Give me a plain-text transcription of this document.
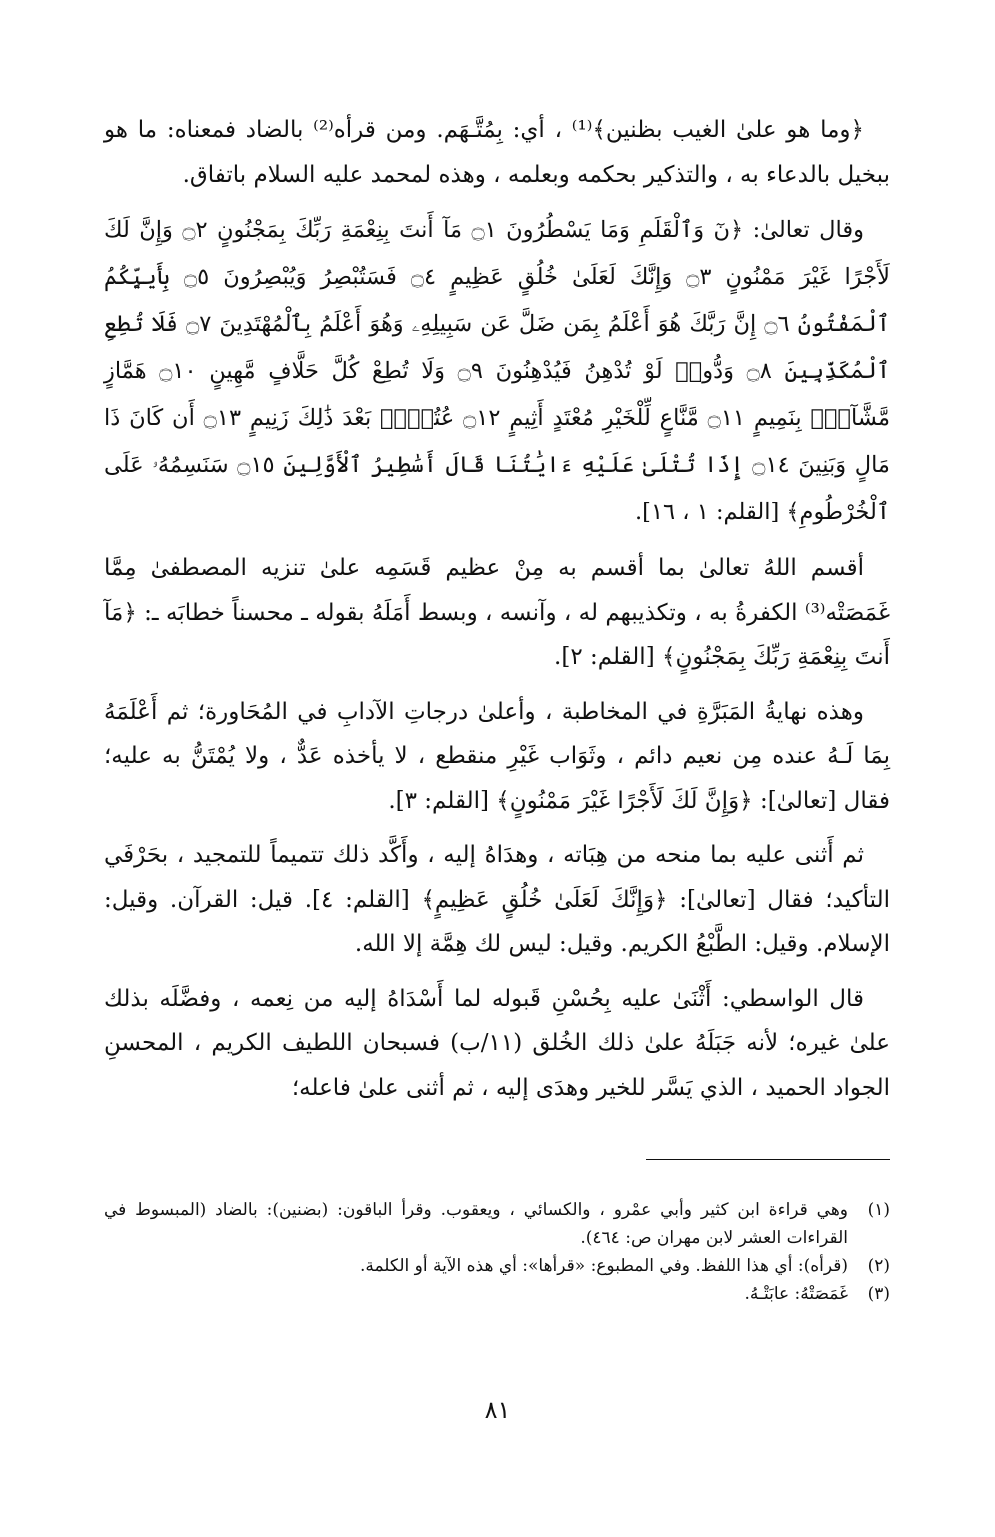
﴿وما هو علىٰ الغيب بظنين﴾⁽¹⁾ ، أي: بِمُتَّـهَم. ومن قرأه⁽²⁾ بالضاد فمعناه: ما هو ببخيل بالدعاء به ، والتذكير بحكمه وبعلمه ، وهذه لمحمد عليه السلام باتفاق.

وقال تعالىٰ: ﴿نٓ وَٱلْقَلَمِ وَمَا يَسْطُرُونَ ۝١ مَآ أَنتَ بِنِعْمَةِ رَبِّكَ بِمَجْنُونٍ ۝٢ وَإِنَّ لَكَ لَأَجْرًا غَيْرَ مَمْنُونٍ ۝٣ وَإِنَّكَ لَعَلَىٰ خُلُقٍ عَظِيمٍ ۝٤ فَسَتُبْصِرُ وَيُبْصِرُونَ ۝٥ بِأَييِّكُمُ ٱلْمَفْتُونُ ۝٦ إِنَّ رَبَّكَ هُوَ أَعْلَمُ بِمَن ضَلَّ عَن سَبِيلِهِۦ وَهُوَ أَعْلَمُ بِٱلْمُهْتَدِينَ ۝٧ فَلَا تُطِعِ ٱلْمُكَذِّبِينَ ۝٨ وَدُّوا۟ لَوْ تُدْهِنُ فَيُدْهِنُونَ ۝٩ وَلَا تُطِعْ كُلَّ حَلَّافٍ مَّهِينٍ ۝١٠ هَمَّازٍ مَّشَّآءٍۭ بِنَمِيمٍ ۝١١ مَّنَّاعٍ لِّلْخَيْرِ مُعْتَدٍ أَثِيمٍ ۝١٢ عُتُلٍّۭ بَعْدَ ذَٰلِكَ زَنِيمٍ ۝١٣ أَن كَانَ ذَا مَالٍ وَبَنِينَ ۝١٤ إِذَا تُتْلَىٰ عَلَيْهِ ءَايَٰتُنَا قَالَ أَسَٰطِيرُ ٱلْأَوَّلِينَ ۝١٥ سَنَسِمُهُۥ عَلَى ٱلْخُرْطُومِ﴾ [القلم: ١ ، ١٦].

أقسم اللهُ تعالىٰ بما أقسم به مِنْ عظيم قَسَمِه علىٰ تنزيه المصطفىٰ مِمَّا غَمَصَتْه⁽³⁾ الكفرةُ به ، وتكذيبهم له ، وآنسه ، وبسط أَمَلَهُ بقوله ـ محسناً خطابَه ـ: ﴿مَآ أَنتَ بِنِعْمَةِ رَبِّكَ بِمَجْنُونٍ﴾ [القلم: ٢].

وهذه نهايةُ المَبَرَّةِ في المخاطبة ، وأعلىٰ درجاتِ الآدابِ في المُحَاورة؛ ثم أَعْلَمَهُ بِمَا لَـهُ عنده مِن نعيم دائم ، وثَوَاب غَيْرِ منقطع ، لا يأخذه عَدٌّ ، ولا يُمْتَنُّ به عليه؛ فقال [تعالىٰ]: ﴿وَإِنَّ لَكَ لَأَجْرًا غَيْرَ مَمْنُونٍ﴾ [القلم: ٣].

ثم أَثنى عليه بما منحه من هِبَاته ، وهدَاهُ إليه ، وأَكَّد ذلك تتميماً للتمجيد ، بحَرْفَي التأكيد؛ فقال [تعالىٰ]: ﴿وَإِنَّكَ لَعَلَىٰ خُلُقٍ عَظِيمٍ﴾ [القلم: ٤]. قيل: القرآن. وقيل: الإسلام. وقيل: الطَّبْعُ الكريم. وقيل: ليس لك هِمَّة إلا الله.

قال الواسطي: أَثْنَىٰ عليه بِحُسْنِ قَبوله لما أَسْدَاهُ إليه من نِعمه ، وفضَّلَه بذلك علىٰ غيره؛ لأنه جَبَلَهُ علىٰ ذلك الخُلق (١١/ب) فسبحان اللطيف الكريم ، المحسنِ الجواد الحميد ، الذي يَسَّر للخير وهدَى إليه ، ثم أثنى علىٰ فاعله؛

(١)
وهي قراءة ابن كثير وأبي عمْرو ، والكسائي ، ويعقوب. وقرأ الباقون: (بضنين): بالضاد (المبسوط في القراءات العشر لابن مهران ص: ٤٦٤).
(٢)
(قرأه): أي هذا اللفظ. وفي المطبوع: «قرأها»: أي هذه الآية أو الكلمة.
(٣)
غَمَصَتْهُ: عابَتْـهُ.
٨١
